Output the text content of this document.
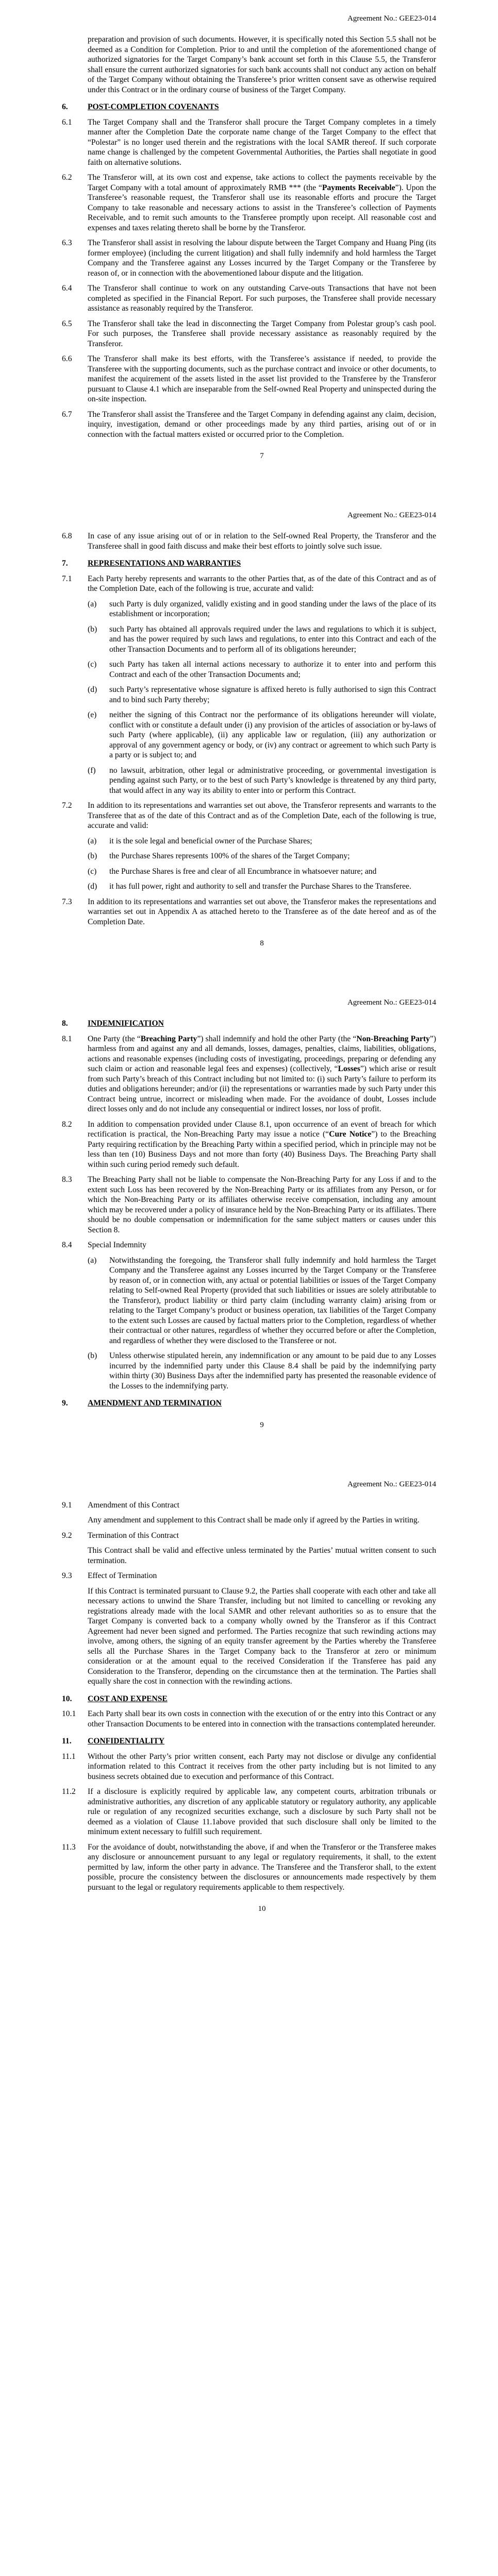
Agreement No.: GEE23-014
preparation and provision of such documents. However, it is specifically noted this Section 5.5 shall not be deemed as a Condition for Completion. Prior to and until the completion of the aforementioned change of authorized signatories for the Target Company’s bank account set forth in this Clause 5.5, the Transferor shall ensure the current authorized signatories for such bank accounts shall not conduct any action on behalf of the Target Company without obtaining the Transferee’s prior written consent save as otherwise required under this Contract or in the ordinary course of business of the Target Company.
6. POST-COMPLETION COVENANTS
6.1 The Target Company shall and the Transferor shall procure the Target Company completes in a timely manner after the Completion Date the corporate name change of the Target Company to the effect that “Polestar” is no longer used therein and the registrations with the local SAMR thereof. If such corporate name change is challenged by the competent Governmental Authorities, the Parties shall negotiate in good faith on alternative solutions.
6.2 The Transferor will, at its own cost and expense, take actions to collect the payments receivable by the Target Company with a total amount of approximately RMB *** (the “Payments Receivable”). Upon the Transferee’s reasonable request, the Transferor shall use its reasonable efforts and procure the Target Company to take reasonable and necessary actions to assist in the Transferee’s collection of Payments Receivable, and to remit such amounts to the Transferee promptly upon receipt. All reasonable cost and expenses and taxes relating thereto shall be borne by the Transferor.
6.3 The Transferor shall assist in resolving the labour dispute between the Target Company and Huang Ping (its former employee) (including the current litigation) and shall fully indemnify and hold harmless the Target Company and the Transferee against any Losses incurred by the Target Company or the Transferee by reason of, or in connection with the abovementioned labour dispute and the litigation.
6.4 The Transferor shall continue to work on any outstanding Carve-outs Transactions that have not been completed as specified in the Financial Report. For such purposes, the Transferee shall provide necessary assistance as reasonably required by the Transferor.
6.5 The Transferor shall take the lead in disconnecting the Target Company from Polestar group’s cash pool. For such purposes, the Transferee shall provide necessary assistance as reasonably required by the Transferor.
6.6 The Transferor shall make its best efforts, with the Transferee’s assistance if needed, to provide the Transferee with the supporting documents, such as the purchase contract and invoice or other documents, to manifest the acquirement of the assets listed in the asset list provided to the Transferee by the Transferor pursuant to Clause 4.1 which are inseparable from the Self-owned Real Property and uninspected during the on-site inspection.
6.7 The Transferor shall assist the Transferee and the Target Company in defending against any claim, decision, inquiry, investigation, demand or other proceedings made by any third parties, arising out of or in connection with the factual matters existed or occurred prior to the Completion.
7
Agreement No.: GEE23-014
6.8 In case of any issue arising out of or in relation to the Self-owned Real Property, the Transferor and the Transferee shall in good faith discuss and make their best efforts to jointly solve such issue.
7. REPRESENTATIONS AND WARRANTIES
7.1 Each Party hereby represents and warrants to the other Parties that, as of the date of this Contract and as of the Completion Date, each of the following is true, accurate and valid:
(a) such Party is duly organized, validly existing and in good standing under the laws of the place of its establishment or incorporation;
(b) such Party has obtained all approvals required under the laws and regulations to which it is subject, and has the power required by such laws and regulations, to enter into this Contract and each of the other Transaction Documents and to perform all of its obligations hereunder;
(c) such Party has taken all internal actions necessary to authorize it to enter into and perform this Contract and each of the other Transaction Documents and;
(d) such Party’s representative whose signature is affixed hereto is fully authorised to sign this Contract and to bind such Party thereby;
(e) neither the signing of this Contract nor the performance of its obligations hereunder will violate, conflict with or constitute a default under (i) any provision of the articles of association or by-laws of such Party (where applicable), (ii) any applicable law or regulation, (iii) any authorization or approval of any government agency or body, or (iv) any contract or agreement to which such Party is a party or is subject to; and
(f) no lawsuit, arbitration, other legal or administrative proceeding, or governmental investigation is pending against such Party, or to the best of such Party’s knowledge is threatened by any third party, that would affect in any way its ability to enter into or perform this Contract.
7.2 In addition to its representations and warranties set out above, the Transferor represents and warrants to the Transferee that as of the date of this Contract and as of the Completion Date, each of the following is true, accurate and valid:
(a) it is the sole legal and beneficial owner of the Purchase Shares;
(b) the Purchase Shares represents 100% of the shares of the Target Company;
(c) the Purchase Shares is free and clear of all Encumbrance in whatsoever nature; and
(d) it has full power, right and authority to sell and transfer the Purchase Shares to the Transferee.
7.3 In addition to its representations and warranties set out above, the Transferor makes the representations and warranties set out in Appendix A as attached hereto to the Transferee as of the date hereof and as of the Completion Date.
8
Agreement No.: GEE23-014
8. INDEMNIFICATION
8.1 One Party (the “Breaching Party”) shall indemnify and hold the other Party (the “Non-Breaching Party”) harmless from and against any and all demands, losses, damages, penalties, claims, liabilities, obligations, actions and reasonable expenses (including costs of investigating, proceedings, preparing or defending any such claim or action and reasonable legal fees and expenses) (collectively, “Losses”) which arise or result from such Party’s breach of this Contract including but not limited to: (i) such Party’s failure to perform its duties and obligations hereunder; and/or (ii) the representations or warranties made by such Party under this Contract being untrue, incorrect or misleading when made. For the avoidance of doubt, Losses include direct losses only and do not include any consequential or indirect losses, nor loss of profit.
8.2 In addition to compensation provided under Clause 8.1, upon occurrence of an event of breach for which rectification is practical, the Non-Breaching Party may issue a notice (“Cure Notice”) to the Breaching Party requiring rectification by the Breaching Party within a specified period, which in principle may not be less than ten (10) Business Days and not more than forty (40) Business Days. The Breaching Party shall within such curing period remedy such default.
8.3 The Breaching Party shall not be liable to compensate the Non-Breaching Party for any Loss if and to the extent such Loss has been recovered by the Non-Breaching Party or its affiliates from any Person, or for which the Non-Breaching Party or its affiliates otherwise receive compensation, including any amount which may be recovered under a policy of insurance held by the Non-Breaching Party or its affiliates. There should be no double compensation or indemnification for the same subject matters or causes under this Section 8.
8.4 Special Indemnity
(a) Notwithstanding the foregoing, the Transferor shall fully indemnify and hold harmless the Target Company and the Transferee against any Losses incurred by the Target Company or the Transferee by reason of, or in connection with, any actual or potential liabilities or issues of the Target Company relating to Self-owned Real Property (provided that such liabilities or issues are solely attributable to the Transferor), product liability or third party claim (including warranty claim) arising from or relating to the Target Company’s product or business operation, tax liabilities of the Target Company to the extent such Losses are caused by factual matters prior to the Completion, regardless of whether their contractual or other natures, regardless of whether they occurred before or after the Completion, and regardless of whether they were disclosed to the Transferee or not.
(b) Unless otherwise stipulated herein, any indemnification or any amount to be paid due to any Losses incurred by the indemnified party under this Clause 8.4 shall be paid by the indemnifying party within thirty (30) Business Days after the indemnified party has presented the reasonable evidence of the Losses to the indemnifying party.
9. AMENDMENT AND TERMINATION
9
Agreement No.: GEE23-014
9.1 Amendment of this Contract
Any amendment and supplement to this Contract shall be made only if agreed by the Parties in writing.
9.2 Termination of this Contract
This Contract shall be valid and effective unless terminated by the Parties’ mutual written consent to such termination.
9.3 Effect of Termination
If this Contract is terminated pursuant to Clause 9.2, the Parties shall cooperate with each other and take all necessary actions to unwind the Share Transfer, including but not limited to cancelling or revoking any registrations already made with the local SAMR and other relevant authorities so as to ensure that the Target Company is converted back to a company wholly owned by the Transferor as if this Contract Agreement had never been signed and performed. The Parties recognize that such rewinding actions may involve, among others, the signing of an equity transfer agreement by the Parties whereby the Transferee sells all the Purchase Shares in the Target Company back to the Transferor at zero or minimum consideration or at the amount equal to the received Consideration if the Transferee has paid any Consideration to the Transferor, depending on the circumstance then at the termination. The Parties shall equally share the cost in connection with the rewinding actions.
10. COST AND EXPENSE
10.1 Each Party shall bear its own costs in connection with the execution of or the entry into this Contract or any other Transaction Documents to be entered into in connection with the transactions contemplated hereunder.
11. CONFIDENTIALITY
11.1 Without the other Party’s prior written consent, each Party may not disclose or divulge any confidential information related to this Contract it receives from the other party including but is not limited to any business secrets obtained due to execution and performance of this Contract.
11.2 If a disclosure is explicitly required by applicable law, any competent courts, arbitration tribunals or administrative authorities, any discretion of any applicable statutory or regulatory authority, any applicable rule or regulation of any recognized securities exchange, such a disclosure by such Party shall not be deemed as a violation of Clause 11.1above provided that such disclosure shall only be limited to the minimum extent necessary to fulfill such requirement.
11.3 For the avoidance of doubt, notwithstanding the above, if and when the Transferor or the Transferee makes any disclosure or announcement pursuant to any legal or regulatory requirements, it shall, to the extent permitted by law, inform the other party in advance. The Transferee and the Transferor shall, to the extent possible, procure the consistency between the disclosures or announcements made respectively by them pursuant to the legal or regulatory requirements applicable to them respectively.
10
